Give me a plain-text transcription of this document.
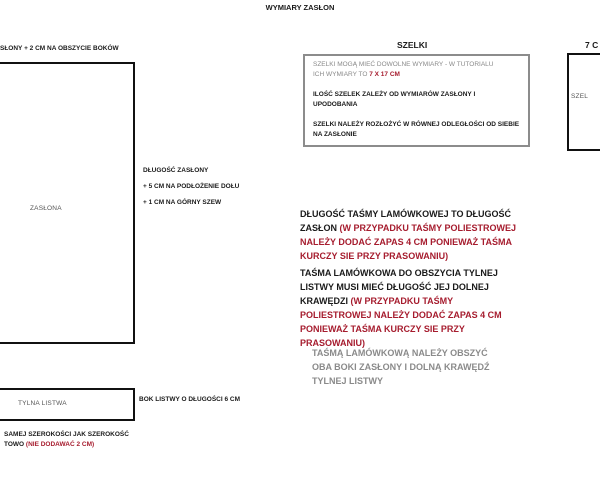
WYMIARY ZASŁON
SŁONY + 2 CM NA OBSZYCIE BOKÓW
ZASŁONA
DŁUGOŚĆ ZASŁONY
+ 5 CM NA PODŁOŻENIE DOŁU
+ 1 CM NA GÓRNY SZEW
TYLNA LISTWA
BOK LISTWY O DŁUGOŚCI 6 CM
SAMEJ SZEROKOŚCI JAK SZEROKOŚĆ
TOWO (NIE DODAWAĆ 2 CM)
SZELKI
SZELKI MOGĄ MIEĆ DOWOLNE WYMIARY - W TUTORIALU
ICH WYMIARY TO 7 X 17 CM
ILOŚĆ SZELEK ZALEŻY OD WYMIARÓW ZASŁONY I UPODOBANIA
SZELKI NALEŻY ROZŁOŻYĆ W RÓWNEJ ODLEGŁOŚCI OD SIEBIE NA ZASŁONIE
7 C
SZEL
DŁUGOŚĆ TAŚMY LAMÓWKOWEJ TO DŁUGOŚĆ ZASŁON (W PRZYPADKU TAŚMY POLIESTROWEJ NALEŻY DODAĆ ZAPAS 4 CM PONIEWAŻ TAŚMA KURCZY SIE PRZY PRASOWANIU)
TAŚMA LAMÓWKOWA DO OBSZYCIA TYLNEJ LISTWY MUSI MIEĆ DŁUGOŚĆ JEJ DOLNEJ KRAWĘDZI (W PRZYPADKU TAŚMY POLIESTROWEJ NALEŻY DODAĆ ZAPAS 4 CM PONIEWAŻ TAŚMA KURCZY SIE PRZY PRASOWANIU)
TAŚMĄ LAMÓWKOWĄ NALEŻY OBSZYĆ OBA BOKI ZASŁONY I DOLNĄ KRAWĘDŹ TYLNEJ LISTWY
